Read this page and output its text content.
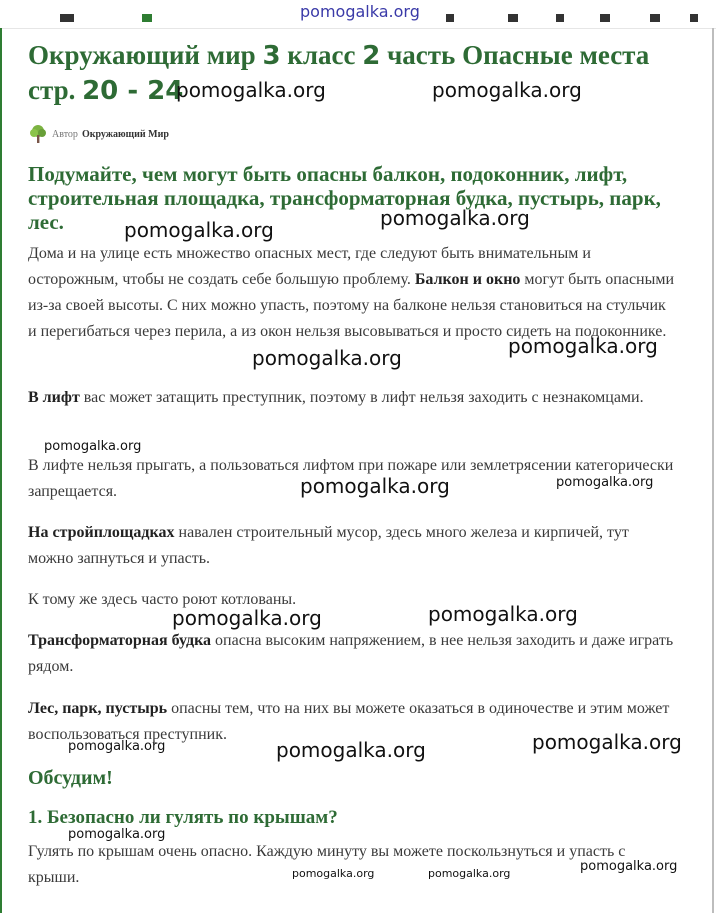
pomogalka.org
Окружающий мир 3 класс 2 часть Опасные места стр. 20 - 24
Автор Окружающий Мир
Подумайте, чем могут быть опасны балкон, подоконник, лифт, строительная площадка, трансформаторная будка, пустырь, парк, лес.

Дома и на улице есть множество опасных мест, где следуют быть внимательным и осторожным, чтобы не создать себе большую проблему. Балкон и окно могут быть опасными из-за своей высоты. С них можно упасть, поэтому на балконе нельзя становиться на стульчик и перегибаться через перила, а из окон нельзя высовываться и просто сидеть на подоконнике.

В лифт вас может затащить преступник, поэтому в лифт нельзя заходить с незнакомцами.

В лифте нельзя прыгать, а пользоваться лифтом при пожаре или землетрясении категорически запрещается.

На стройплощадках навален строительный мусор, здесь много железа и кирпичей, тут можно запнуться и упасть.

К тому же здесь часто роют котлованы.

Трансформаторная будка опасна высоким напряжением, в нее нельзя заходить и даже играть рядом.

Лес, парк, пустырь опасны тем, что на них вы можете оказаться в одиночестве и этим может воспользоваться преступник.

Обсудим!
1. Безопасно ли гулять по крышам?

Гулять по крышам очень опасно. Каждую минуту вы можете поскользнуться и упасть с крыши.

pomogalka.org	pomogalka.org
pomogalka.org	pomogalka.org
pomogalka.org	pomogalka.org
pomogalka.org
pomogalka.org	pomogalka.org
pomogalka.org	pomogalka.org
pomogalka.org	pomogalka.org	pomogalka.org
pomogalka.org
pomogalka.org	pomogalka.org	pomogalka.org
